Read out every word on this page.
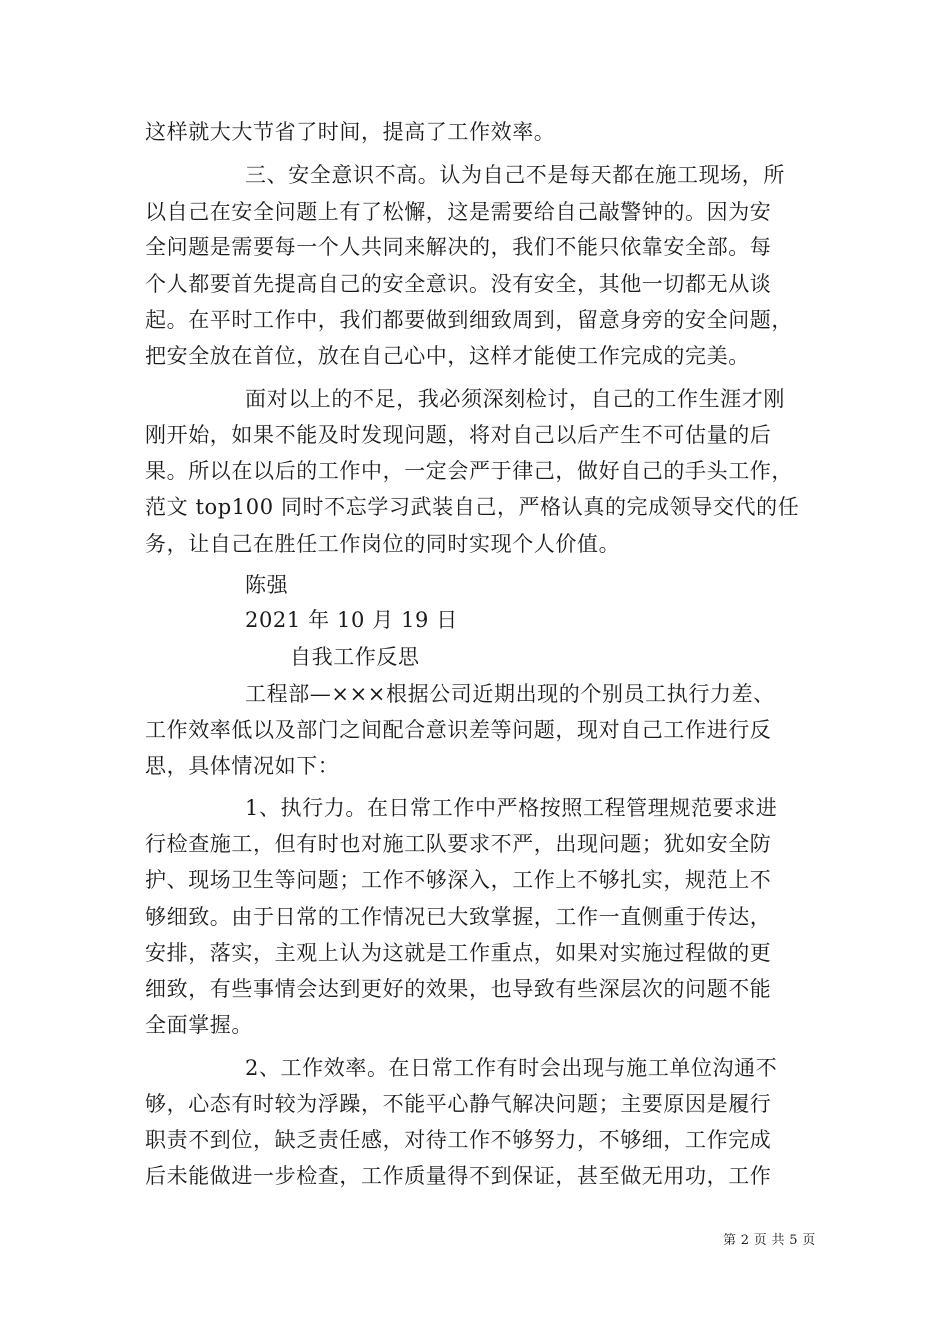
这样就大大节省了时间，提高了工作效率。
三、安全意识不高。认为自己不是每天都在施工现场，所
以自己在安全问题上有了松懈，这是需要给自己敲警钟的。因为安
全问题是需要每一个人共同来解决的，我们不能只依靠安全部。每
个人都要首先提高自己的安全意识。没有安全，其他一切都无从谈
起。在平时工作中，我们都要做到细致周到，留意身旁的安全问题，
把安全放在首位，放在自己心中，这样才能使工作完成的完美。
面对以上的不足，我必须深刻检讨，自己的工作生涯才刚
刚开始，如果不能及时发现问题，将对自己以后产生不可估量的后
果。所以在以后的工作中，一定会严于律己，做好自己的手头工作，
范文 top100 同时不忘学习武装自己，严格认真的完成领导交代的任
务，让自己在胜任工作岗位的同时实现个人价值。
陈强
2021 年 10 月 19 日
自我工作反思
工程部—×××根据公司近期出现的个别员工执行力差、
工作效率低以及部门之间配合意识差等问题，现对自己工作进行反
思，具体情况如下：
1、执行力。在日常工作中严格按照工程管理规范要求进
行检查施工，但有时也对施工队要求不严，出现问题；犹如安全防
护、现场卫生等问题；工作不够深入，工作上不够扎实，规范上不
够细致。由于日常的工作情况已大致掌握，工作一直侧重于传达，
安排，落实，主观上认为这就是工作重点，如果对实施过程做的更
细致，有些事情会达到更好的效果，也导致有些深层次的问题不能
全面掌握。
2、工作效率。在日常工作有时会出现与施工单位沟通不
够，心态有时较为浮躁，不能平心静气解决问题；主要原因是履行
职责不到位，缺乏责任感，对待工作不够努力，不够细，工作完成
后未能做进一步检查，工作质量得不到保证，甚至做无用功，工作
第 2 页 共 5 页
